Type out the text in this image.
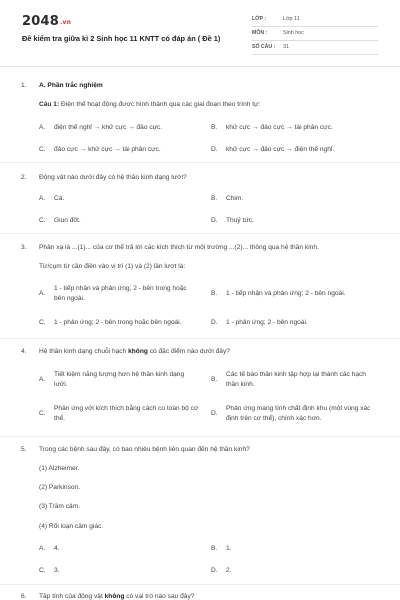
2048.vn
Đề kiểm tra giữa kì 2 Sinh học 11 KNTT có đáp án ( Đề 1)
LỚP :	Lớp 11
MÔN :	Sinh học
SỐ CÂU : 31
1. A. Phần trắc nghiệm
Câu 1: Điện thế hoạt động được hình thành qua các giai đoạn theo trình tự:
A. điện thế nghỉ → khử cực → đảo cực.	B. khử cực → đảo cực → tái phân cực.
C. đảo cực → khử cực → tái phân cực.	D. khử cực → đảo cực → điện thế nghỉ.
2. Động vật nào dưới đây có hệ thần kinh dạng lưới?
A. Cá.	B. Chim.
C. Giun đốt.	D. Thuỷ tức.
3. Phản xạ là ...(1)... của cơ thể trả lời các kích thích từ môi trường ...(2)... thông qua hệ thần kinh.
Từ/cụm từ cần điền vào vị trí (1) và (2) lần lượt là:
A.
1 - tiếp nhận và phản ứng; 2 - bên trong hoặc bên ngoài.
B. 1 - tiếp nhận và phản ứng; 2 - bên ngoài.
C. 1 - phản ứng; 2 - bên trong hoặc bên ngoài.	D. 1 - phản ứng; 2 - bên ngoài.
4. Hệ thần kinh dạng chuỗi hạch không có đặc điểm nào dưới đây?
A.
Tiết kiệm năng lượng hơn hệ thần kinh dạng lưới.
B.
Các tế bào thần kinh tập hợp lại thành các hạch thần kinh.
C.
Phản ứng với kích thích bằng cách co toàn bộ cơ thể.
D.
Phản ứng mang tính chất định khu (một vùng xác định trên cơ thể), chính xác hơn.
5. Trong các bệnh sau đây, có bao nhiêu bệnh liên quan đến hệ thần kinh?
(1) Alzheimer.
(2) Parkinson.
(3) Trầm cảm.
(4) Rối loạn cảm giác.
A. 4.	B. 1.
C. 3.	D. 2.
6. Tập tính của động vật không có vai trò nào sau đây?
